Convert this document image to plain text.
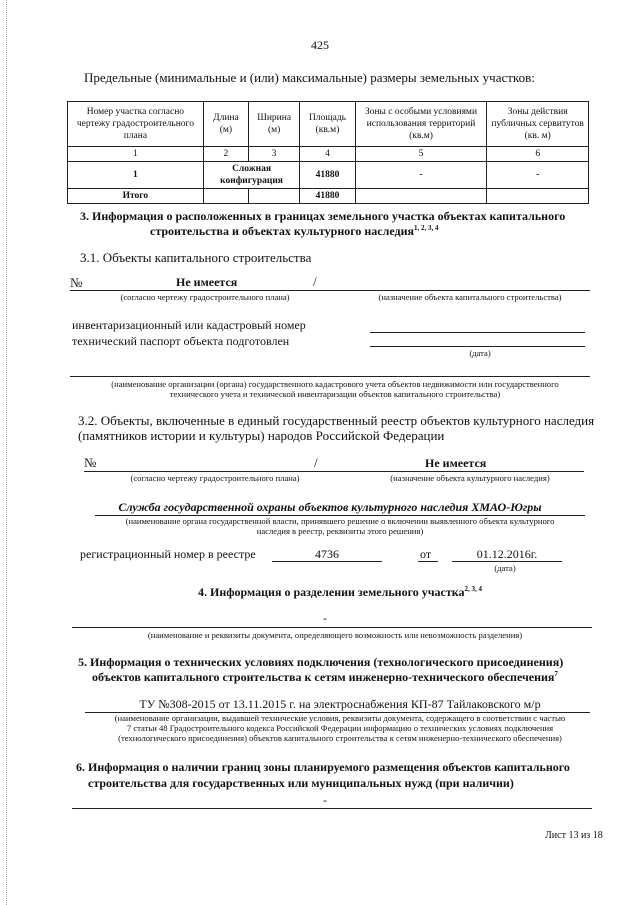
425
Предельные (минимальные и (или) максимальные) размеры земельных участков:
Номер участка согласно чертежу градостроительного плана	Длина (м)	Ширина (м)	Площадь (кв.м)	Зоны с особыми условиями использования территорий (кв.м)	Зоны действия публичных сервитутов (кв. м)
1	2	3	4	5	6
1	Сложная конфигурация		41880	-	-
Итого			41880		
3. Информация о расположенных в границах земельного участка объектах капитального
строительства и объектах культурного наследия$^{1, 2, 3, 4}$
3.1. Объекты капитального строительства
№	Не имеется	/
(согласно чертежу градостроительного плана)	(назначение объекта капитального строительства)
инвентаризационный или кадастровый номер
технический паспорт объекта подготовлен
(дата)
(наименование организации (органа) государственного кадастрового учета объектов недвижимости или государственного
технического учета и технической инвентаризации объектов капитального строительства)
3.2. Объекты, включенные в единый государственный реестр объектов культурного наследия
(памятников истории и культуры) народов Российской Федерации
№	/	Не имеется
(согласно чертежу градостроительного плана)	(назначение объекта культурного наследия)
Служба государственной охраны объектов культурного наследия ХМАО-Югры
(наименование органа государственной власти, принявшего решение о включении выявленного объекта культурного
наследия в реестр, реквизиты этого решения)
регистрационный номер в реестре	4736	от	01.12.2016г.
(дата)
4. Информация о разделении земельного участка$^{2, 3, 4}$
-
(наименование и реквизиты документа, определяющего возможность или невозможность разделения)
5. Информация о технических условиях подключения (технологического присоединения)
объектов капитального строительства к сетям инженерно-технического обеспечения$^7$
ТУ №308-2015 от 13.11.2015 г. на электроснабжения КП-87 Тайлаковского м/р
(наименование организации, выдавшей технические условия, реквизиты документа, содержащего в соответствии с частью
7 статьи 48 Градостроительного кодекса Российской Федерации информацию о технических условиях подключения
(технологического присоединения) объектов капитального строительства к сетям инженерно-технического обеспечения)
6. Информация о наличии границ зоны планируемого размещения объектов капитального
строительства для государственных или муниципальных нужд (при наличии)
-
Лист 13 из 18
